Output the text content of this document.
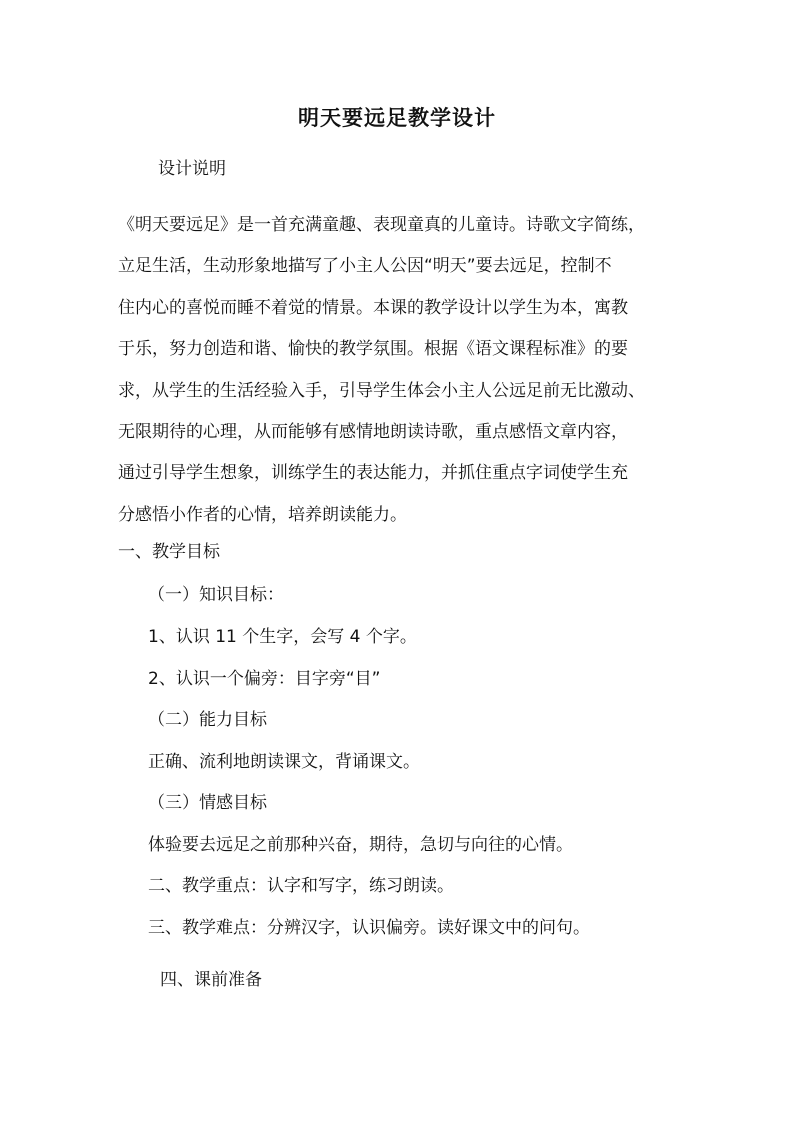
明天要远足教学设计
设计说明
《明天要远足》是一首充满童趣、表现童真的儿童诗。诗歌文字简练，
立足生活，生动形象地描写了小主人公因“明天”要去远足，控制不
住内心的喜悦而睡不着觉的情景。本课的教学设计以学生为本，寓教
于乐，努力创造和谐、愉快的教学氛围。根据《语文课程标准》的要
求，从学生的生活经验入手，引导学生体会小主人公远足前无比激动、
无限期待的心理，从而能够有感情地朗读诗歌，重点感悟文章内容，
通过引导学生想象，训练学生的表达能力，并抓住重点字词使学生充
分感悟小作者的心情，培养朗读能力。
一、教学目标
（一）知识目标：
1、认识 11 个生字，会写 4 个字。
2、认识一个偏旁：目字旁“目”
（二）能力目标
正确、流利地朗读课文，背诵课文。
（三）情感目标
体验要去远足之前那种兴奋，期待，急切与向往的心情。
二、教学重点：认字和写字，练习朗读。
三、教学难点：分辨汉字，认识偏旁。读好课文中的问句。
四、课前准备
